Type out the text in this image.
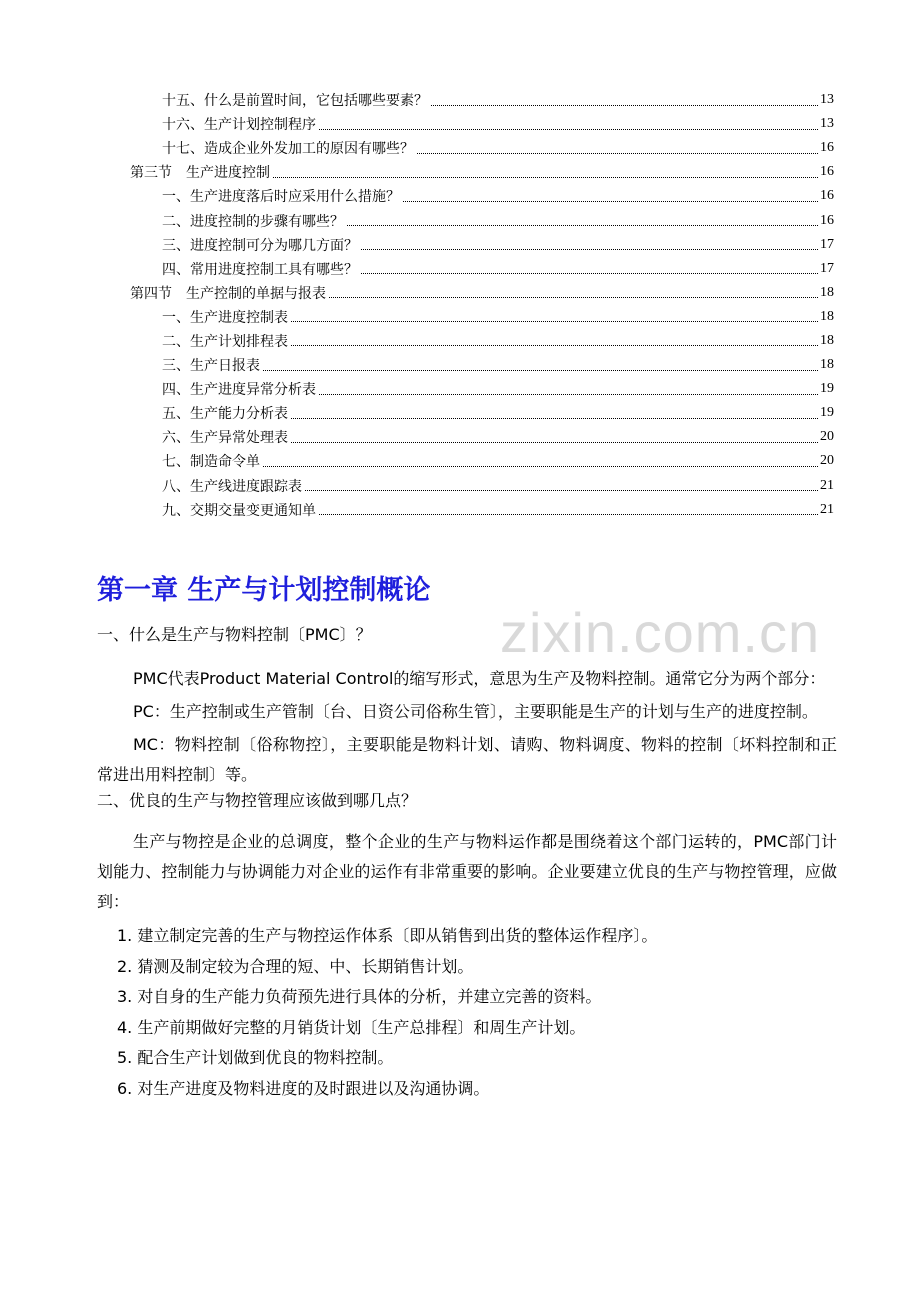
十五、什么是前置时间，它包括哪些要素？	13
十六、生产计划控制程序	13
十七、造成企业外发加工的原因有哪些？	16
第三节　生产进度控制	16
一、生产进度落后时应采用什么措施？	16
二、进度控制的步骤有哪些？	16
三、进度控制可分为哪几方面？	17
四、常用进度控制工具有哪些？	17
第四节　生产控制的单据与报表	18
一、生产进度控制表	18
二、生产计划排程表	18
三、生产日报表	18
四、生产进度异常分析表	19
五、生产能力分析表	19
六、生产异常处理表	20
七、制造命令单	20
八、生产线进度跟踪表	21
九、交期交量变更通知单	21
第一章 生产与计划控制概论
zixin.com.cn

一、什么是生产与物料控制〔PMC〕？

PMC代表Product Material Control的缩写形式，意思为生产及物料控制。通常它分为两个部分：

PC：生产控制或生产管制〔台、日资公司俗称生管〕，主要职能是生产的计划与生产的进度控制。

MC：物料控制〔俗称物控〕，主要职能是物料计划、请购、物料调度、物料的控制〔坏料控制和正常进出用料控制〕等。

二、优良的生产与物控管理应该做到哪几点？

生产与物控是企业的总调度，整个企业的生产与物料运作都是围绕着这个部门运转的，PMC部门计划能力、控制能力与协调能力对企业的运作有非常重要的影响。企业要建立优良的生产与物控管理，应做到：

1. 建立制定完善的生产与物控运作体系〔即从销售到出货的整体运作程序〕。
2. 猜测及制定较为合理的短、中、长期销售计划。
3. 对自身的生产能力负荷预先进行具体的分析，并建立完善的资料。
4. 生产前期做好完整的月销货计划〔生产总排程〕和周生产计划。
5. 配合生产计划做到优良的物料控制。
6. 对生产进度及物料进度的及时跟进以及沟通协调。
